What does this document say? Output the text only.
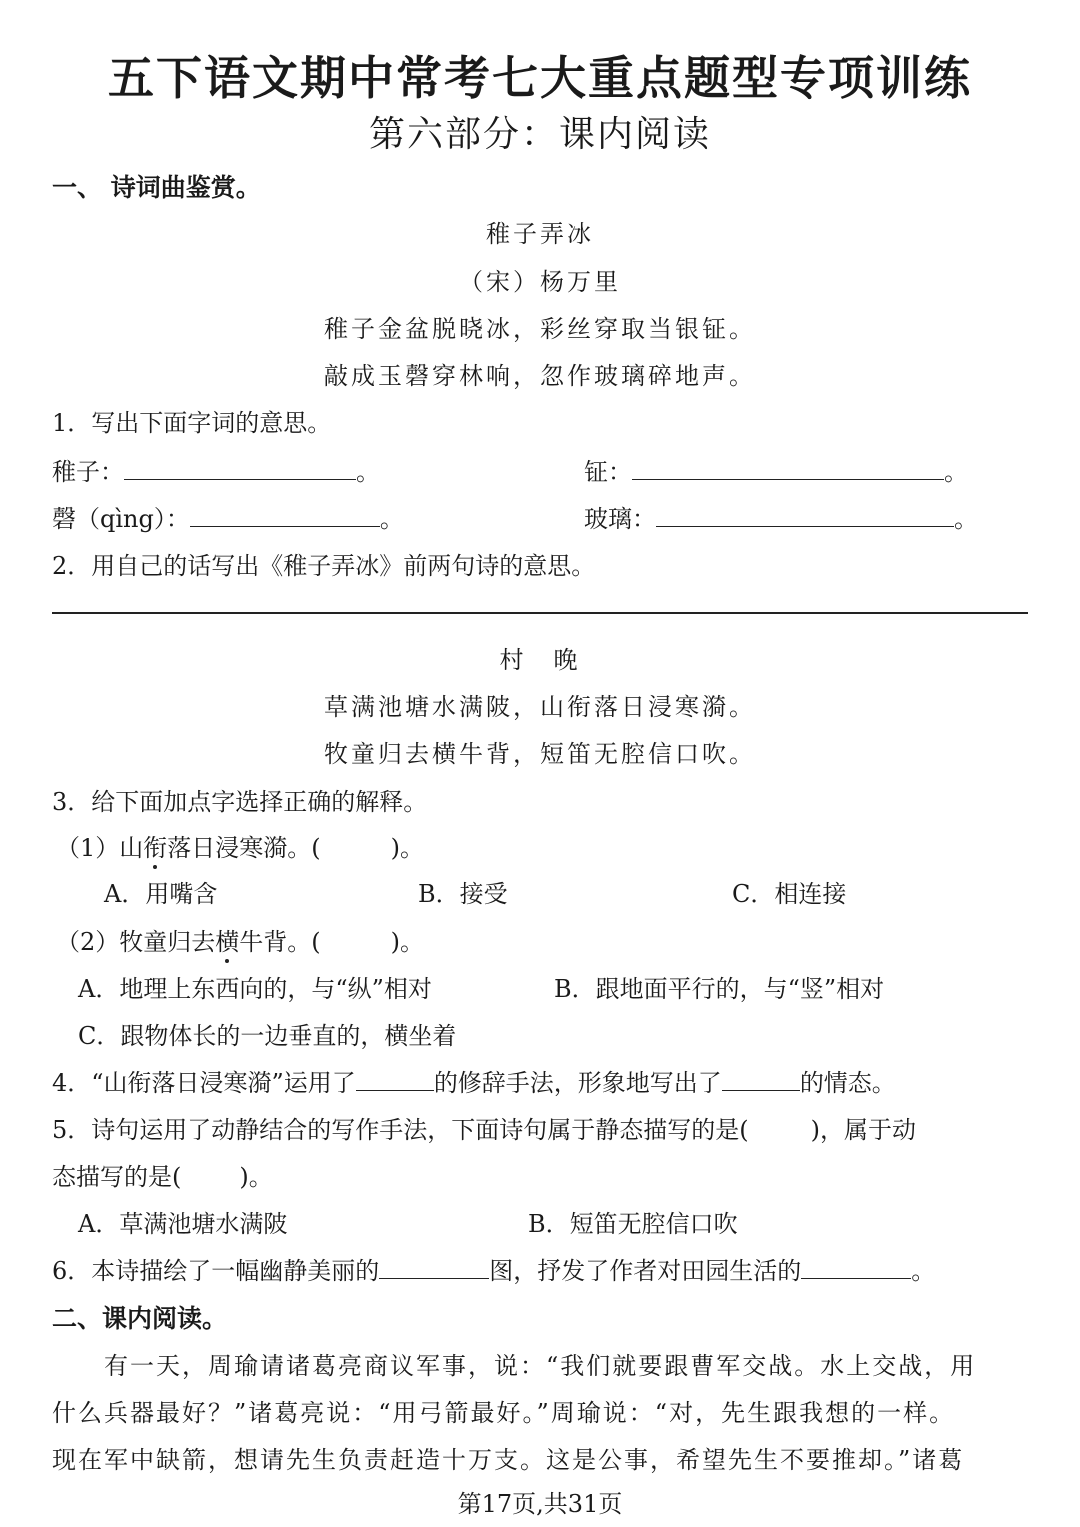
五下语文期中常考七大重点题型专项训练
第六部分：课内阅读
一、 诗词曲鉴赏。
稚子弄冰
（宋）杨万里
稚子金盆脱晓冰，彩丝穿取当银钲。
敲成玉磬穿林响，忽作玻璃碎地声。
1．写出下面字词的意思。
稚子：	。	钲：	。
磬（qìng）：	。	玻璃：	。
2．用自己的话写出《稚子弄冰》前两句诗的意思。
村　晚
草满池塘水满陂，山衔落日浸寒漪。
牧童归去横牛背，短笛无腔信口吹。
3．给下面加点字选择正确的解释。
（1）山衔落日浸寒漪。(	)。
A．用嘴含	B．接受	C．相连接
（2）牧童归去横牛背。(	)。
A．地理上东西向的，与“纵”相对	B．跟地面平行的，与“竖”相对
C．跟物体长的一边垂直的，横坐着
4．“山衔落日浸寒漪”运用了	的修辞手法，形象地写出了	的情态。
5．诗句运用了动静结合的写作手法，下面诗句属于静态描写的是(	)，属于动
态描写的是( )。
A．草满池塘水满陂	B．短笛无腔信口吹
6．本诗描绘了一幅幽静美丽的	图，抒发了作者对田园生活的	。
二、课内阅读。
有一天，周瑜请诸葛亮商议军事，说：“我们就要跟曹军交战。水上交战，用
什么兵器最好？”诸葛亮说：“用弓箭最好。”周瑜说：“对，先生跟我想的一样。
现在军中缺箭，想请先生负责赶造十万支。这是公事，希望先生不要推却。”诸葛
第17页,共31页
